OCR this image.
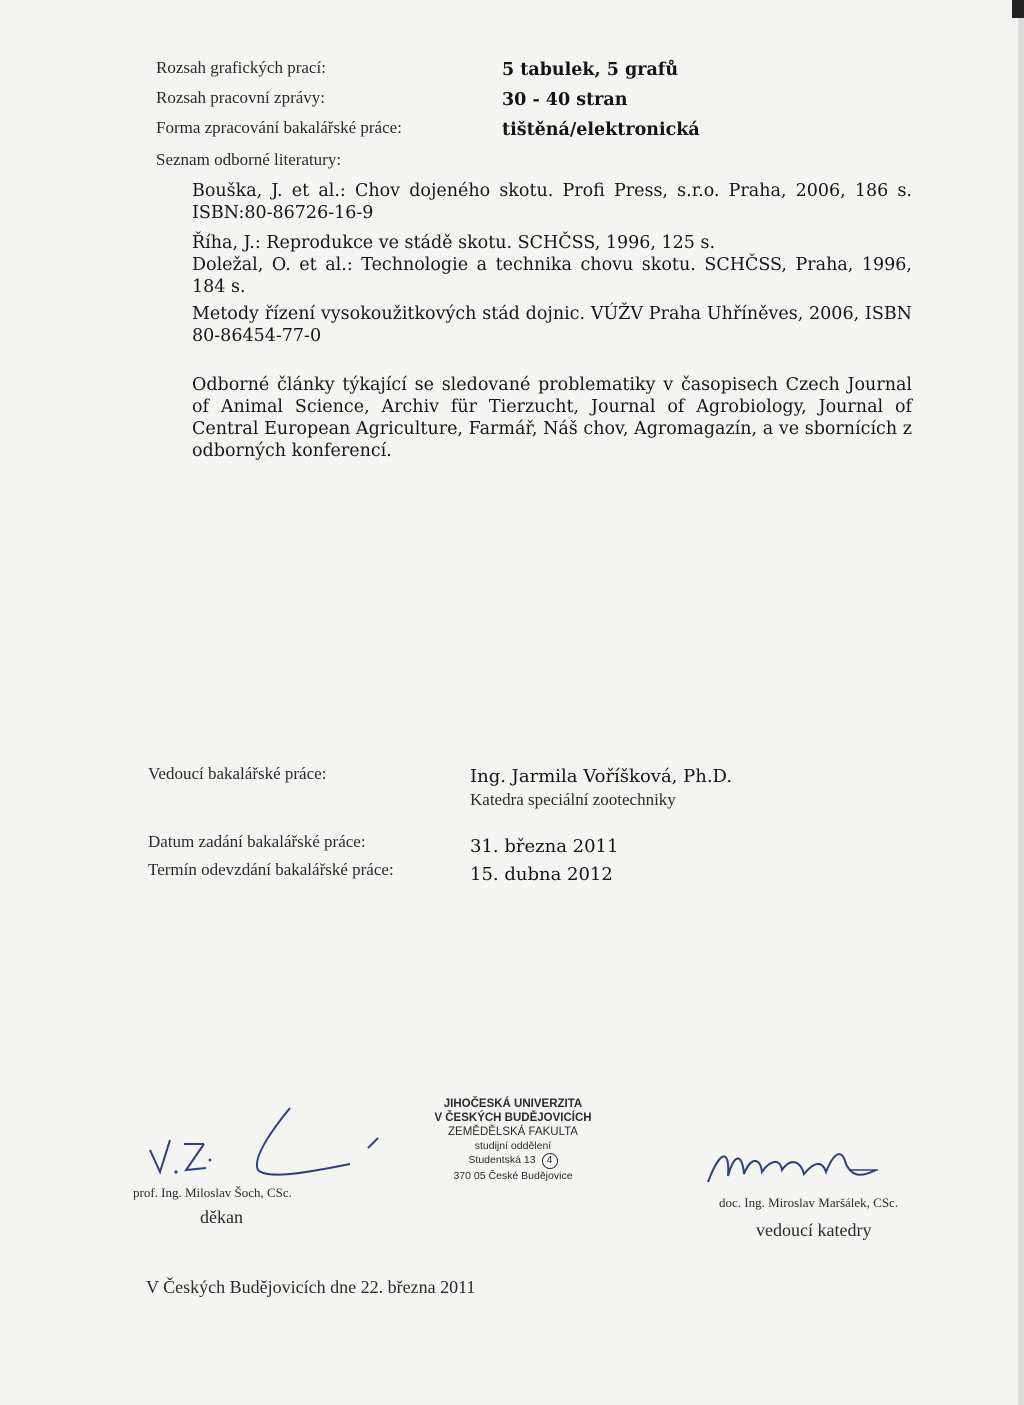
Rozsah grafických prací:	5 tabulek, 5 grafů
Rozsah pracovní zprávy:	30 - 40 stran
Forma zpracování bakalářské práce:	tištěná/elektronická
Seznam odborné literatury:
Bouška, J. et al.: Chov dojeného skotu. Profi Press, s.r.o. Praha, 2006, 186 s. ISBN:80-86726-16-9
Říha, J.: Reprodukce ve stádě skotu. SCHČSS, 1996, 125 s.
Doležal, O. et al.: Technologie a technika chovu skotu. SCHČSS, Praha, 1996, 184 s.
Metody řízení vysokoužitkových stád dojnic. VÚŽV Praha Uhříněves, 2006, ISBN 80-86454-77-0
Odborné články týkající se sledované problematiky v časopisech Czech Journal of Animal Science, Archiv für Tierzucht, Journal of Agrobiology, Journal of Central European Agriculture, Farmář, Náš chov, Agromagazín, a ve sbornících z odborných konferencí.
Vedoucí bakalářské práce:	Ing. Jarmila Voříšková, Ph.D.
Katedra speciální zootechniky
Datum zadání bakalářské práce:	31. března 2011
Termín odevzdání bakalářské práce:	15. dubna 2012
JIHOČESKÁ UNIVERZITA
V ČESKÝCH BUDĚJOVICÍCH
ZEMĚDĚLSKÁ FAKULTA
studijní oddělení
Studentská 13 4
370 05 České Budějovice
prof. Ing. Miloslav Šoch, CSc.
děkan
doc. Ing. Miroslav Maršálek, CSc.
vedoucí katedry
V Českých Budějovicích dne 22. března 2011
